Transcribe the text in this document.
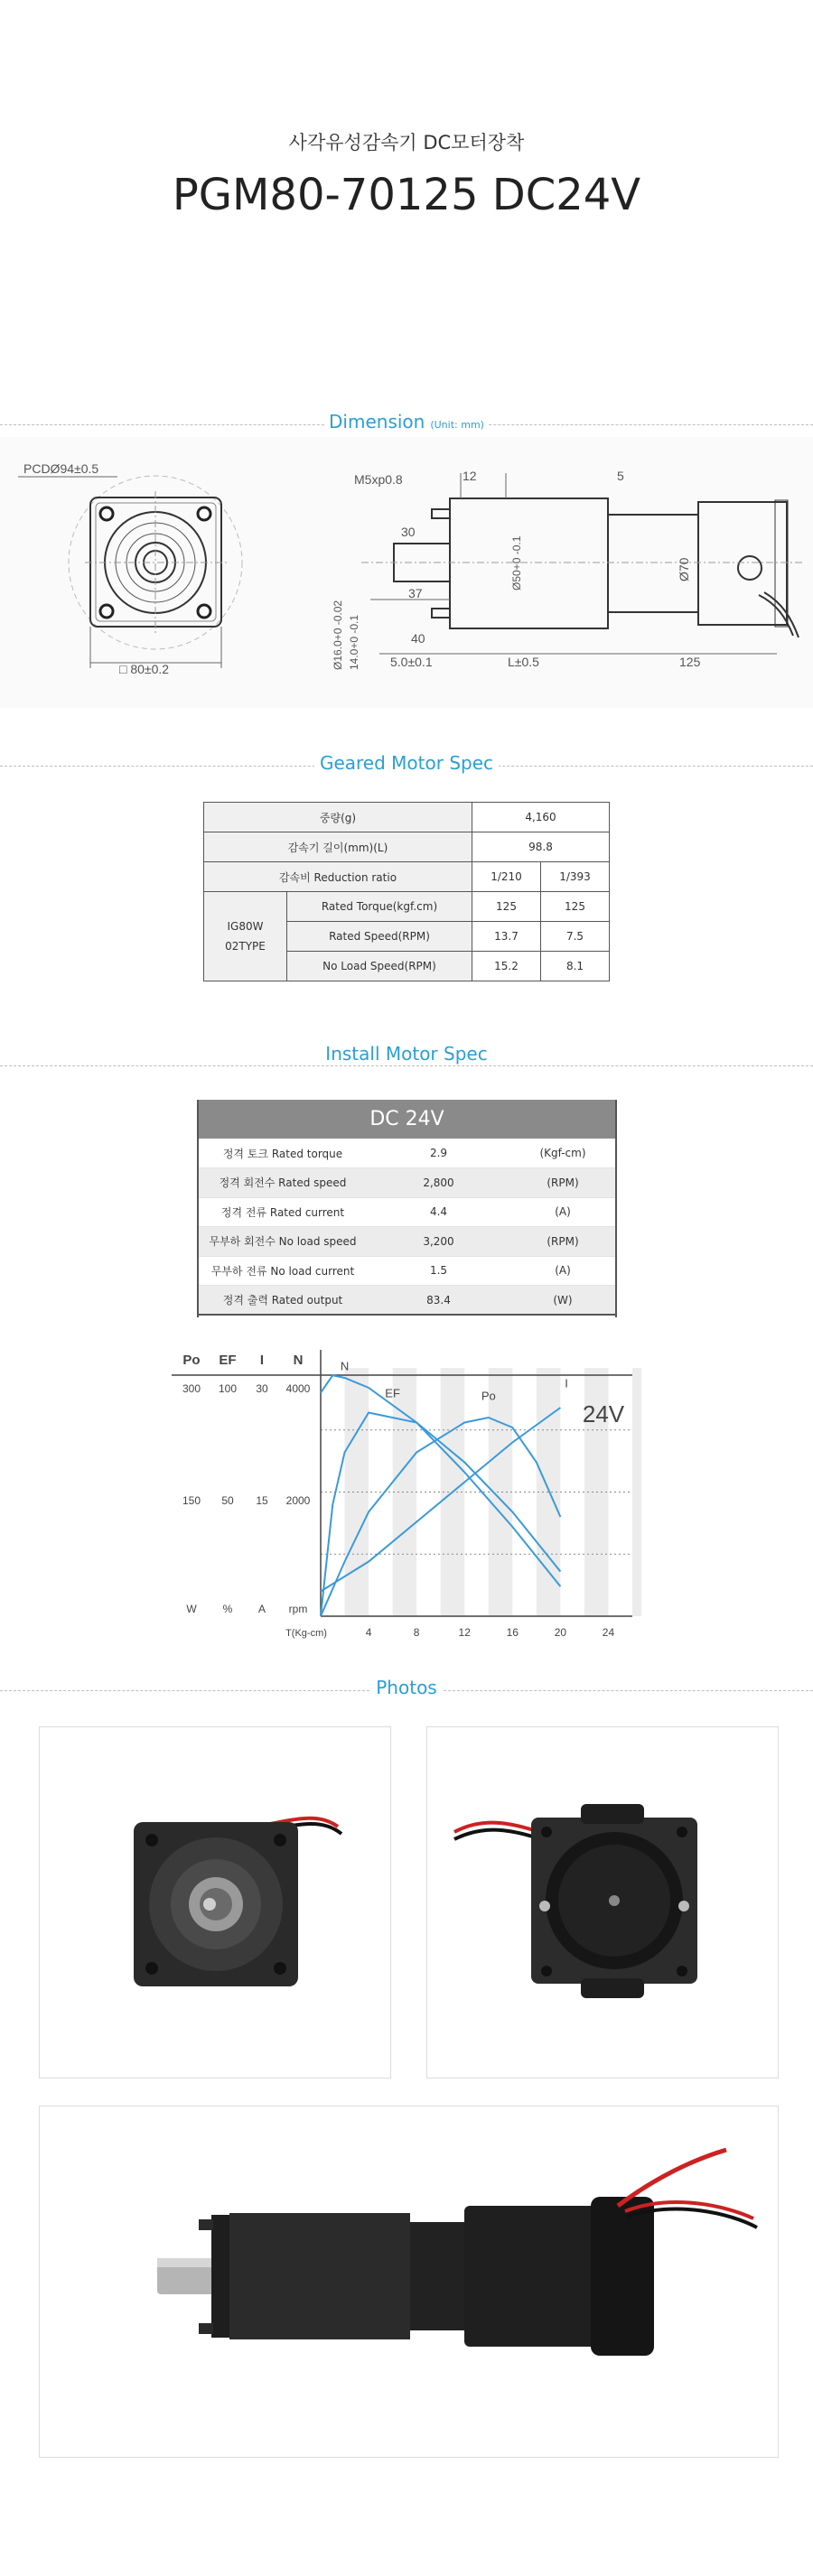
사각유성감속기 DC모터장착
PGM80-70125 DC24V
Dimension (Unit: mm)
PCDØ94±0.5
□ 80±0.2
M5xp0.8	12	5
30
Ø50+0 -0.1	Ø70
37
Ø16.0+0 -0.02 14.0+0 -0.1	40
5.0±0.1	L±0.5	125
Geared Motor Spec
중량(g)		4,160	
감속기 길이(mm)(L)		98.8	
감속비 Reduction ratio		1/210	1/393
IG80W
02TYPE	Rated Torque(kgf.cm)	125	125
	Rated Speed(RPM)	13.7	7.5
	No Load Speed(RPM)	15.2	8.1
Install Motor Spec
DC 24V		
정격 토크 Rated torque	2.9	(Kgf-cm)
정격 회전수 Rated speed	2,800	(RPM)
정격 전류 Rated current	4.4	(A)
무부하 회전수 No load speed	3,200	(RPM)
무부하 전류 No load current	1.5	(A)
정격 출력 Rated output	83.4	(W)
Po EF I N
300 100 30 4000
150 50 15 2000
W % A rpm
4	8	12	16	20	24
T(Kg-cm)
24V
N
EF	Po
I
Photos
